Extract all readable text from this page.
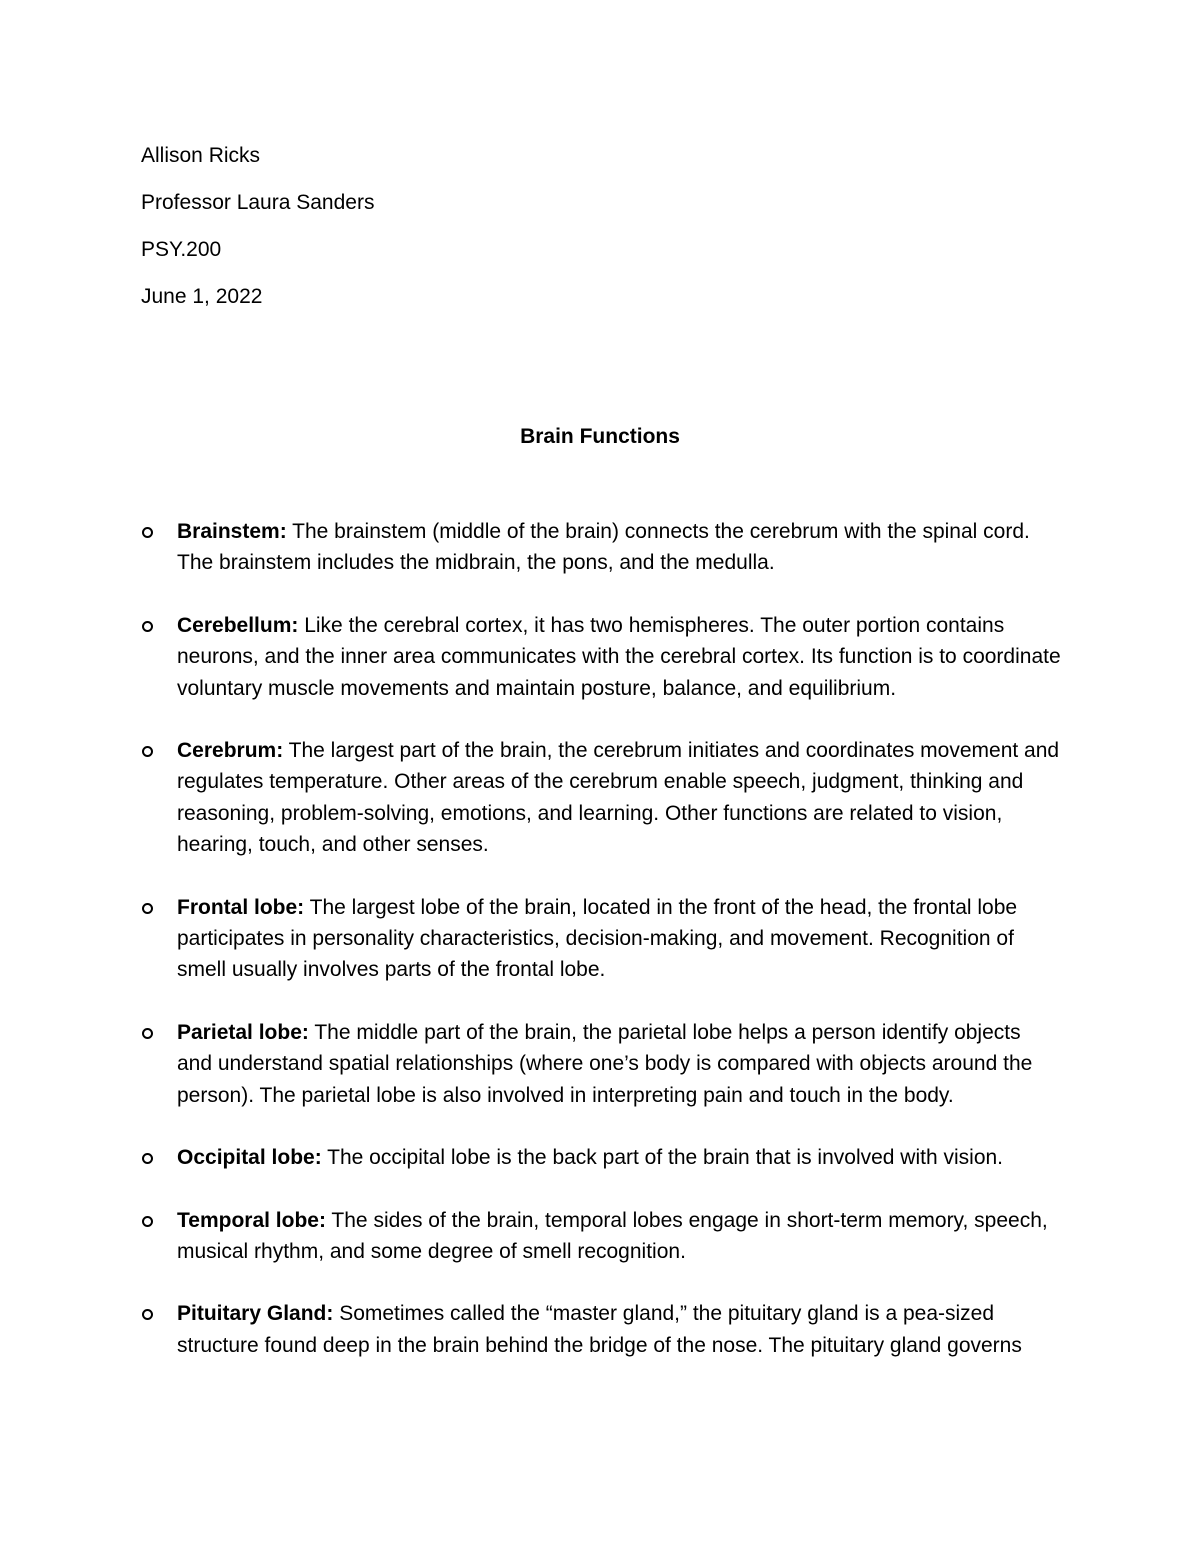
Allison Ricks

Professor Laura Sanders

PSY.200

June 1, 2022

Brain Functions
Brainstem: The brainstem (middle of the brain) connects the cerebrum with the spinal cord. The brainstem includes the midbrain, the pons, and the medulla.
Cerebellum: Like the cerebral cortex, it has two hemispheres. The outer portion contains neurons, and the inner area communicates with the cerebral cortex. Its function is to coordinate voluntary muscle movements and maintain posture, balance, and equilibrium.
Cerebrum: The largest part of the brain, the cerebrum initiates and coordinates movement and regulates temperature. Other areas of the cerebrum enable speech, judgment, thinking and reasoning, problem-solving, emotions, and learning. Other functions are related to vision, hearing, touch, and other senses.
Frontal lobe: The largest lobe of the brain, located in the front of the head, the frontal lobe participates in personality characteristics, decision-making, and movement. Recognition of smell usually involves parts of the frontal lobe.
Parietal lobe: The middle part of the brain, the parietal lobe helps a person identify objects and understand spatial relationships (where one’s body is compared with objects around the person). The parietal lobe is also involved in interpreting pain and touch in the body.
Occipital lobe: The occipital lobe is the back part of the brain that is involved with vision.
Temporal lobe: The sides of the brain, temporal lobes engage in short-term memory, speech, musical rhythm, and some degree of smell recognition.
Pituitary Gland: Sometimes called the “master gland,” the pituitary gland is a pea-sized structure found deep in the brain behind the bridge of the nose. The pituitary gland governs
